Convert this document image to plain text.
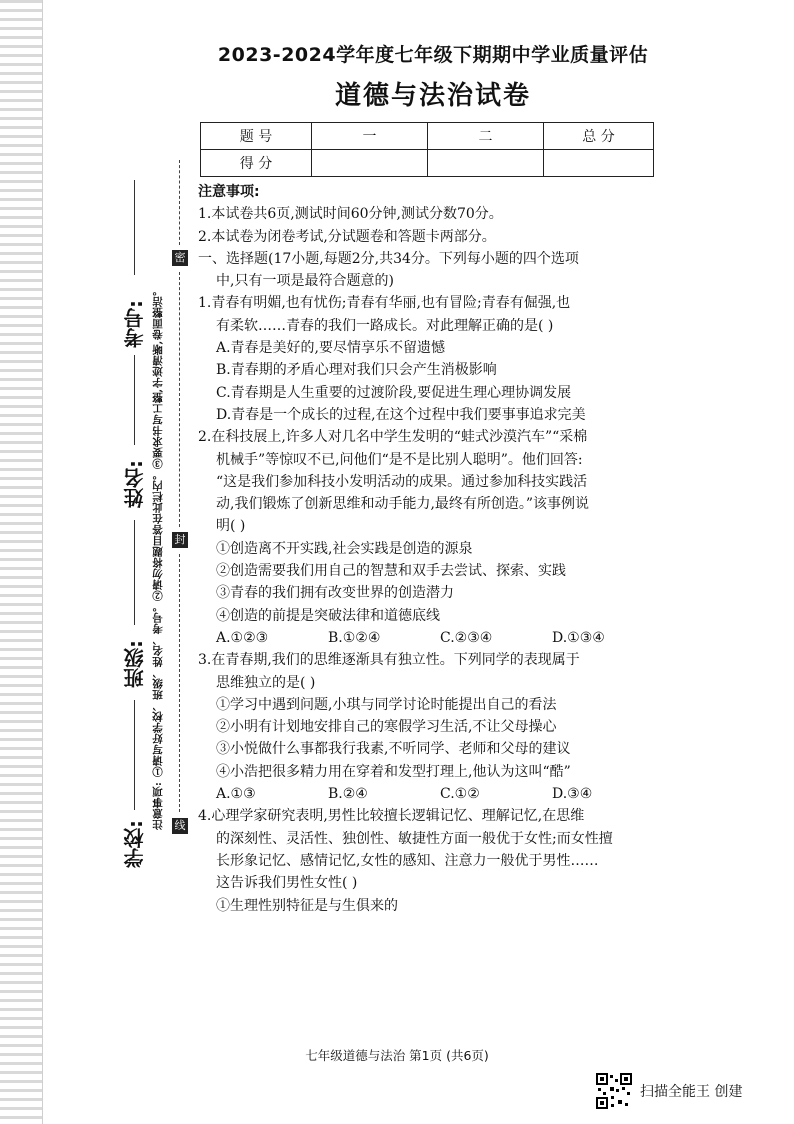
考号:
姓名:
班级:
学校:
注意事项: ①请写好学校、班级、姓名、考号。②请勿将题目答在此栏内。③要求书写工整,字迹清晰,卷面整洁。
密
封
线
2023-2024学年度七年级下期期中学业质量评估
道德与法治试卷
题 号	一	二	总 分
得 分			
注意事项:
1.本试卷共6页,测试时间60分钟,测试分数70分。
2.本试卷为闭卷考试,分试题卷和答题卡两部分。
一、选择题(17小题,每题2分,共34分。下列每小题的四个选项
中,只有一项是最符合题意的)
1.青春有明媚,也有忧伤;青春有华丽,也有冒险;青春有倔强,也
有柔软……青春的我们一路成长。对此理解正确的是( )
A.青春是美好的,要尽情享乐不留遗憾
B.青春期的矛盾心理对我们只会产生消极影响
C.青春期是人生重要的过渡阶段,要促进生理心理协调发展
D.青春是一个成长的过程,在这个过程中我们要事事追求完美
2.在科技展上,许多人对几名中学生发明的“蛙式沙漠汽车”“采棉
机械手”等惊叹不已,问他们“是不是比别人聪明”。他们回答:
“这是我们参加科技小发明活动的成果。通过参加科技实践活
动,我们锻炼了创新思维和动手能力,最终有所创造。”该事例说
明( )
①创造离不开实践,社会实践是创造的源泉
②创造需要我们用自己的智慧和双手去尝试、探索、实践
③青春的我们拥有改变世界的创造潜力
④创造的前提是突破法律和道德底线
A.①②③	B.①②④	C.②③④	D.①③④
3.在青春期,我们的思维逐渐具有独立性。下列同学的表现属于
思维独立的是( )
①学习中遇到问题,小琪与同学讨论时能提出自己的看法
②小明有计划地安排自己的寒假学习生活,不让父母操心
③小悦做什么事都我行我素,不听同学、老师和父母的建议
④小浩把很多精力用在穿着和发型打理上,他认为这叫“酷”
A.①③	B.②④	C.①②	D.③④
4.心理学家研究表明,男性比较擅长逻辑记忆、理解记忆,在思维
的深刻性、灵活性、独创性、敏捷性方面一般优于女性;而女性擅
长形象记忆、感情记忆,女性的感知、注意力一般优于男性……
这告诉我们男性女性( )
①生理性别特征是与生俱来的
七年级道德与法治 第1页 (共6页)
扫描全能王 创建
